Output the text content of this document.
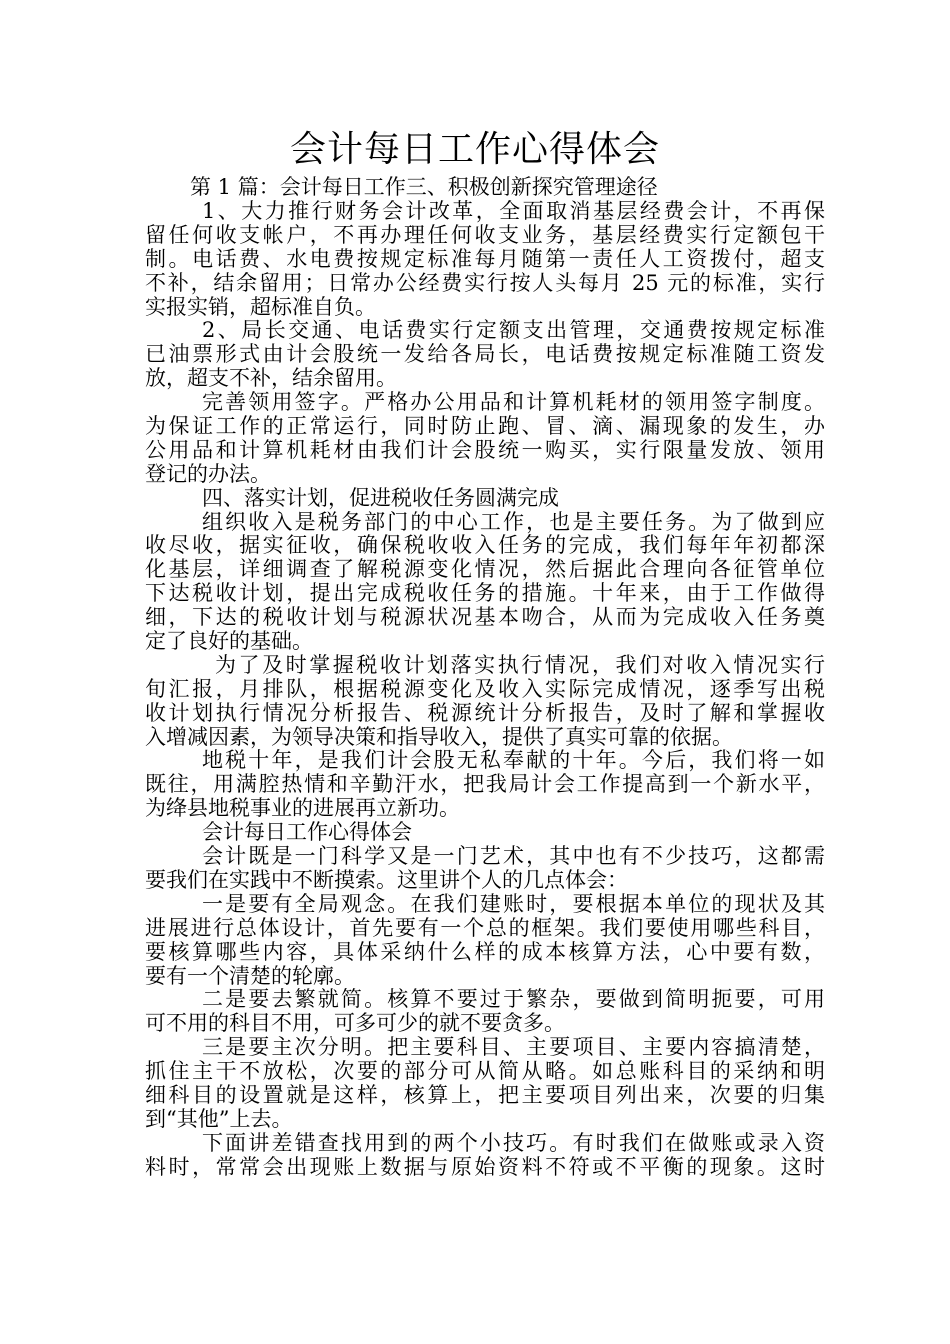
会计每日工作心得体会
第 1 篇：会计每日工作三、积极创新探究管理途径
1、大力推行财务会计改革，全面取消基层经费会计，不再保
留任何收支帐户，不再办理任何收支业务，基层经费实行定额包干
制。电话费、水电费按规定标准每月随第一责任人工资拨付，超支
不补，结余留用；日常办公经费实行按人头每月 25 元的标准，实行
实报实销，超标准自负。
2、局长交通、电话费实行定额支出管理，交通费按规定标准
已油票形式由计会股统一发给各局长，电话费按规定标准随工资发
放，超支不补，结余留用。
完善领用签字。严格办公用品和计算机耗材的领用签字制度。
为保证工作的正常运行，同时防止跑、冒、滴、漏现象的发生，办
公用品和计算机耗材由我们计会股统一购买，实行限量发放、领用
登记的办法。
四、落实计划，促进税收任务圆满完成
组织收入是税务部门的中心工作，也是主要任务。为了做到应
收尽收，据实征收，确保税收收入任务的完成，我们每年年初都深
化基层，详细调查了解税源变化情况，然后据此合理向各征管单位
下达税收计划，提出完成税收任务的措施。十年来，由于工作做得
细，下达的税收计划与税源状况基本吻合，从而为完成收入任务奠
定了良好的基础。
为了及时掌握税收计划落实执行情况，我们对收入情况实行
旬汇报，月排队，根据税源变化及收入实际完成情况，逐季写出税
收计划执行情况分析报告、税源统计分析报告，及时了解和掌握收
入增减因素，为领导决策和指导收入，提供了真实可靠的依据。
地税十年，是我们计会股无私奉献的十年。今后，我们将一如
既往，用满腔热情和辛勤汗水，把我局计会工作提高到一个新水平，
为绛县地税事业的进展再立新功。
会计每日工作心得体会
会计既是一门科学又是一门艺术，其中也有不少技巧，这都需
要我们在实践中不断摸索。这里讲个人的几点体会：
一是要有全局观念。在我们建账时，要根据本单位的现状及其
进展进行总体设计，首先要有一个总的框架。我们要使用哪些科目，
要核算哪些内容，具体采纳什么样的成本核算方法，心中要有数，
要有一个清楚的轮廓。
二是要去繁就简。核算不要过于繁杂，要做到简明扼要，可用
可不用的科目不用，可多可少的就不要贪多。
三是要主次分明。把主要科目、主要项目、主要内容搞清楚，
抓住主干不放松，次要的部分可从简从略。如总账科目的采纳和明
细科目的设置就是这样，核算上，把主要项目列出来，次要的归集
到“其他”上去。
下面讲差错查找用到的两个小技巧。有时我们在做账或录入资
料时，常常会出现账上数据与原始资料不符或不平衡的现象。这时
